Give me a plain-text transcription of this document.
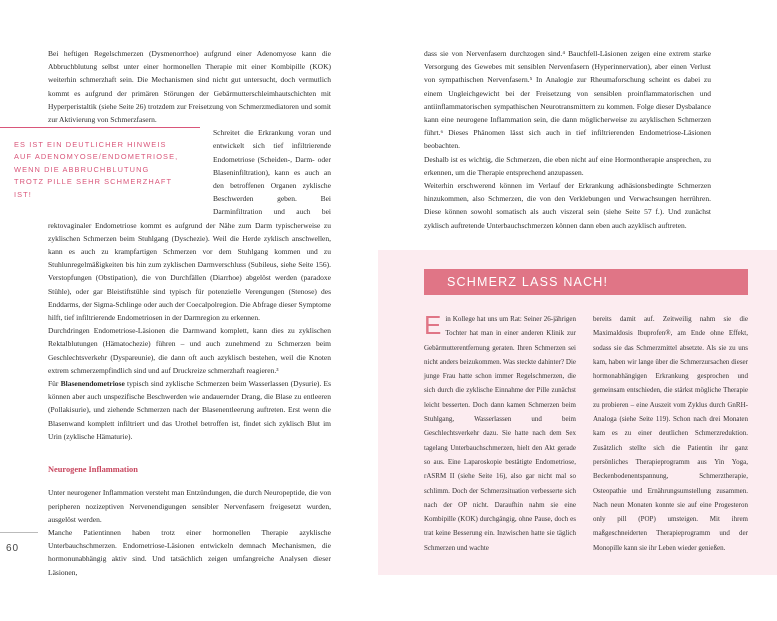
Bei heftigen Regelschmerzen (Dysmenorrhoe) aufgrund einer Adenomyose kann die Abbruchblutung selbst unter einer hormonellen Therapie mit einer Kombipille (KOK) weiterhin schmerzhaft sein. Die Mechanismen sind nicht gut untersucht, doch vermutlich kommt es aufgrund der primären Störungen der Gebärmutterschleimhautschichten mit Hyperperistaltik (siehe Seite 26) trotzdem zur Freisetzung von Schmerzmediatoren und somit zur Aktivierung von Schmerzfasern.

Schreitet die Erkrankung voran und entwickelt sich tief infiltrierende Endometriose (Scheiden-, Darm- oder Blaseninfiltration), kann es auch an den betroffenen Organen zyklische Beschwerden geben. Bei Darminfiltration und auch bei rektovaginaler Endometriose kommt es aufgrund der Nähe zum Darm typischerweise zu zyklischen Schmerzen beim Stuhlgang (Dyschezie). Weil die Herde zyklisch anschwellen, kann es auch zu krampfartigen Schmerzen vor dem Stuhlgang kommen und zu Stuhlunregelmäßigkeiten bis hin zum zyklischen Darmverschluss (Subileus, siehe Seite 156). Verstopfungen (Obstipation), die von Durchfällen (Diarrhoe) abgelöst werden (paradoxe Stühle), oder gar Bleistiftstühle sind typisch für potenzielle Verengungen (Stenose) des Enddarms, der Sigma-Schlinge oder auch der Coecalpolregion. Die Abfrage dieser Symptome hilft, tief infiltrierende Endometriosen in der Darmregion zu erkennen.

Durchdringen Endometriose-Läsionen die Darmwand komplett, kann dies zu zyklischen Rektalblutungen (Hämatochezie) führen – und auch zunehmend zu Schmerzen beim Geschlechtsverkehr (Dyspareunie), die dann oft auch azyklisch bestehen, weil die Knoten extrem schmerzempfindlich sind und auf Druckreize schmerzhaft reagieren.³

Für Blasenendometriose typisch sind zyklische Schmerzen beim Wasserlassen (Dysurie). Es können aber auch unspezifische Beschwerden wie andauernder Drang, die Blase zu entleeren (Pollakisurie), und ziehende Schmerzen nach der Blasenentleerung auftreten. Erst wenn die Blasenwand komplett infiltriert und das Urothel betroffen ist, findet sich zyklisch Blut im Urin (zyklische Hämaturie).

Neurogene Inflammation

Unter neurogener Inflammation versteht man Entzündungen, die durch Neuropeptide, die von peripheren nozizeptiven Nervenendigungen sensibler Nervenfasern freigesetzt wurden, ausgelöst werden.

Manche Patientinnen haben trotz einer hormonellen Therapie azyklische Unterbauchschmerzen. Endometriose-Läsionen entwickeln demnach Mechanismen, die hormonunabhängig aktiv sind. Und tatsächlich zeigen umfangreiche Analysen dieser Läsionen,

ES IST EIN DEUTLICHER HINWEIS AUF ADENOMYOSE/ENDOMETRIOSE, WENN DIE ABBRUCHBLUTUNG TROTZ PILLE SEHR SCHMERZHAFT IST!

dass sie von Nervenfasern durchzogen sind.⁴ Bauchfell-Läsionen zeigen eine extrem starke Versorgung des Gewebes mit sensiblen Nervenfasern (Hyperinnervation), aber einen Verlust von sympathischen Nervenfasern.⁵ In Analogie zur Rheumaforschung scheint es dabei zu einem Ungleichgewicht bei der Freisetzung von sensiblen proinflammatorischen und antiinflammatorischen sympathischen Neurotransmittern zu kommen. Folge dieser Dysbalance kann eine neurogene Inflammation sein, die dann möglicherweise zu azyklischen Schmerzen führt.⁶ Dieses Phänomen lässt sich auch in tief infiltrierenden Endometriose-Läsionen beobachten.

Deshalb ist es wichtig, die Schmerzen, die eben nicht auf eine Hormontherapie ansprechen, zu erkennen, um die Therapie entsprechend anzupassen.

Weiterhin erschwerend können im Verlauf der Erkrankung adhäsionsbedingte Schmerzen hinzukommen, also Schmerzen, die von den Verklebungen und Verwachsungen herrühren. Diese können sowohl somatisch als auch viszeral sein (siehe Seite 57 f.). Und zunächst zyklisch auftretende Unterbauchschmerzen können dann eben auch azyklisch auftreten.

SCHMERZ LASS NACH!

Ein Kollege hat uns um Rat: Seiner 26-jährigen Tochter hat man in einer anderen Klinik zur Gebärmutterentfernung geraten. Ihren Schmerzen sei nicht anders beizukommen. Was steckte dahinter? Die junge Frau hatte schon immer Regelschmerzen, die sich durch die zyklische Einnahme der Pille zunächst leicht besserten. Doch dann kamen Schmerzen beim Stuhlgang, Wasserlassen und beim Geschlechtsverkehr dazu. Sie hatte nach dem Sex tagelang Unterbauchschmerzen, hielt den Akt gerade so aus. Eine Laparoskopie bestätigte Endometriose, rASRM II (siehe Seite 16), also gar nicht mal so schlimm. Doch der Schmerzsituation verbesserte sich nach der OP nicht. Daraufhin nahm sie eine Kombipille (KOK) durchgängig, ohne Pause, doch es trat keine Besserung ein. Inzwischen hatte sie täglich Schmerzen und wachte

bereits damit auf. Zeitweilig nahm sie die Maximaldosis Ibuprofen®, am Ende ohne Effekt, sodass sie das Schmerzmittel absetzte. Als sie zu uns kam, haben wir lange über die Schmerzursachen dieser hormonabhängigen Erkrankung gesprochen und gemeinsam entschieden, die stärkst mögliche Therapie zu probieren – eine Auszeit vom Zyklus durch GnRH-Analoga (siehe Seite 119). Schon nach drei Monaten kam es zu einer deutlichen Schmerzreduktion. Zusätzlich stellte sich die Patientin ihr ganz persönliches Therapieprogramm aus Yin Yoga, Beckenbodenentspannung, Schmerztherapie, Osteopathie und Ernährungsumstellung zusammen. Nach neun Monaten konnte sie auf eine Progesteron only pill (POP) umsteigen. Mit ihrem maßgeschneiderten Therapieprogramm und der Monopille kann sie ihr Leben wieder genießen.

60
